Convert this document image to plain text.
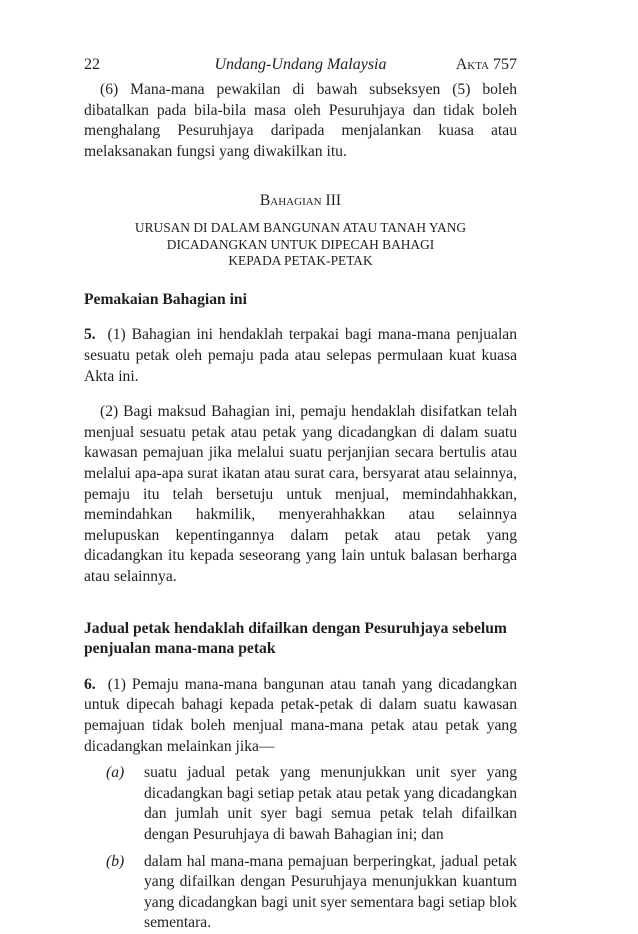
22	Undang-Undang Malaysia	Akta 757

(6) Mana-mana pewakilan di bawah subseksyen (5) boleh dibatalkan pada bila-bila masa oleh Pesuruhjaya dan tidak boleh menghalang Pesuruhjaya daripada menjalankan kuasa atau melaksanakan fungsi yang diwakilkan itu.

Bahagian III
URUSAN DI DALAM BANGUNAN ATAU TANAH YANG
DICADANGKAN UNTUK DIPECAH BAHAGI
KEPADA PETAK-PETAK
Pemakaian Bahagian ini

5. (1) Bahagian ini hendaklah terpakai bagi mana-mana penjualan sesuatu petak oleh pemaju pada atau selepas permulaan kuat kuasa Akta ini.

(2) Bagi maksud Bahagian ini, pemaju hendaklah disifatkan telah menjual sesuatu petak atau petak yang dicadangkan di dalam suatu kawasan pemajuan jika melalui suatu perjanjian secara bertulis atau melalui apa-apa surat ikatan atau surat cara, bersyarat atau selainnya, pemaju itu telah bersetuju untuk menjual, memindahhakkan, memindahkan hakmilik, menyerahhakkan atau selainnya melupuskan kepentingannya dalam petak atau petak yang dicadangkan itu kepada seseorang yang lain untuk balasan berharga atau selainnya.

Jadual petak hendaklah difailkan dengan Pesuruhjaya sebelum
penjualan mana-mana petak

6. (1) Pemaju mana-mana bangunan atau tanah yang dicadangkan untuk dipecah bahagi kepada petak-petak di dalam suatu kawasan pemajuan tidak boleh menjual mana-mana petak atau petak yang dicadangkan melainkan jika—

(a) suatu jadual petak yang menunjukkan unit syer yang dicadangkan bagi setiap petak atau petak yang dicadangkan dan jumlah unit syer bagi semua petak telah difailkan dengan Pesuruhjaya di bawah Bahagian ini; dan

(b) dalam hal mana-mana pemajuan berperingkat, jadual petak yang difailkan dengan Pesuruhjaya menunjukkan kuantum yang dicadangkan bagi unit syer sementara bagi setiap blok sementara.
